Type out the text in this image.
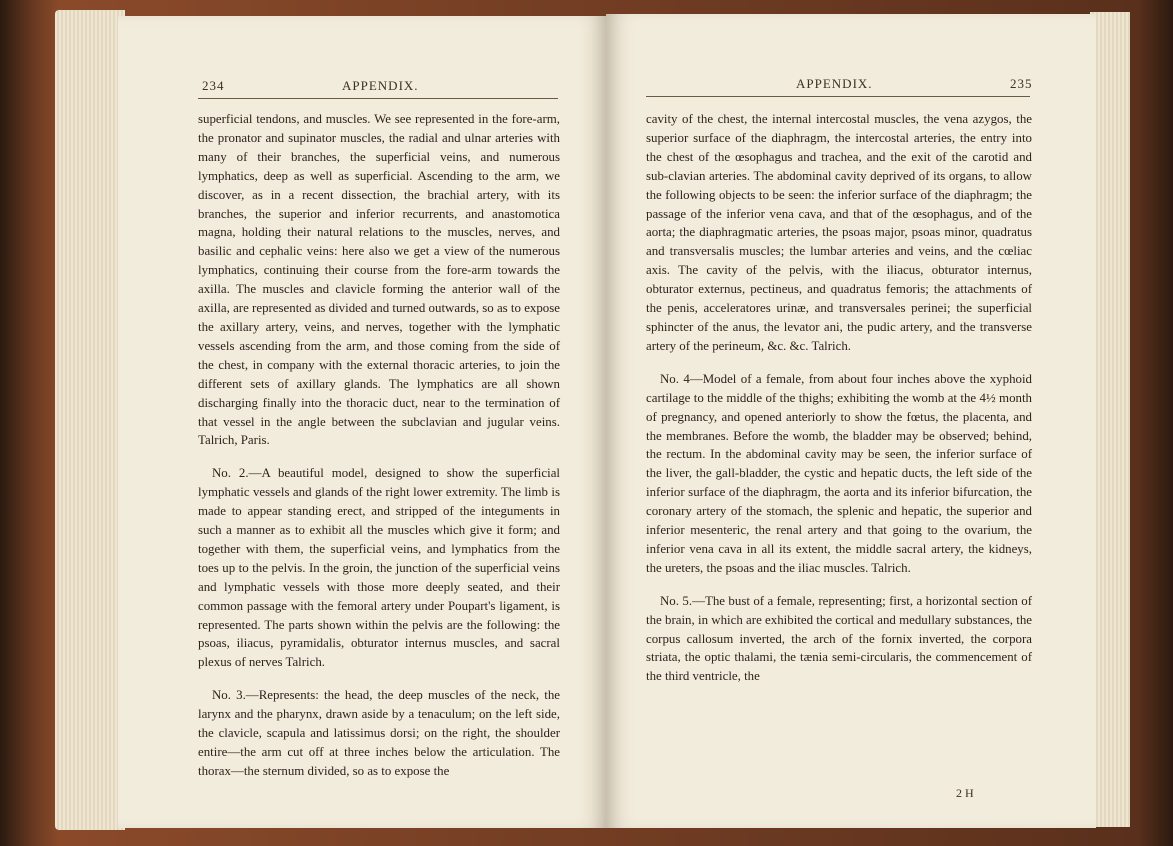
234	APPENDIX.

superficial tendons, and muscles. We see represented in the fore-arm, the pronator and supinator muscles, the radial and ulnar arteries with many of their branches, the superficial veins, and numerous lymphatics, deep as well as superficial. Ascending to the arm, we discover, as in a recent dissection, the brachial artery, with its branches, the superior and inferior recurrents, and anastomotica magna, holding their natural relations to the muscles, nerves, and basilic and cephalic veins: here also we get a view of the numerous lymphatics, continuing their course from the fore-arm towards the axilla. The muscles and clavicle forming the anterior wall of the axilla, are represented as divided and turned outwards, so as to expose the axillary artery, veins, and nerves, together with the lymphatic vessels ascending from the arm, and those coming from the side of the chest, in company with the external thoracic arteries, to join the different sets of axillary glands. The lymphatics are all shown discharging finally into the thoracic duct, near to the termination of that vessel in the angle between the subclavian and jugular veins. Talrich, Paris.

No. 2.—A beautiful model, designed to show the superficial lymphatic vessels and glands of the right lower extremity. The limb is made to appear standing erect, and stripped of the integuments in such a manner as to exhibit all the muscles which give it form; and together with them, the superficial veins, and lymphatics from the toes up to the pelvis. In the groin, the junction of the superficial veins and lymphatic vessels with those more deeply seated, and their common passage with the femoral artery under Poupart's ligament, is represented. The parts shown within the pelvis are the following: the psoas, iliacus, pyramidalis, obturator internus muscles, and sacral plexus of nerves Talrich.

No. 3.—Represents: the head, the deep muscles of the neck, the larynx and the pharynx, drawn aside by a tenaculum; on the left side, the clavicle, scapula and latissimus dorsi; on the right, the shoulder entire—the arm cut off at three inches below the articulation. The thorax—the sternum divided, so as to expose the

APPENDIX.	235

cavity of the chest, the internal intercostal muscles, the vena azygos, the superior surface of the diaphragm, the intercostal arteries, the entry into the chest of the œsophagus and trachea, and the exit of the carotid and sub-clavian arteries. The abdominal cavity deprived of its organs, to allow the following objects to be seen: the inferior surface of the diaphragm; the passage of the inferior vena cava, and that of the œsophagus, and of the aorta; the diaphragmatic arteries, the psoas major, psoas minor, quadratus and transversalis muscles; the lumbar arteries and veins, and the cœliac axis. The cavity of the pelvis, with the iliacus, obturator internus, obturator externus, pectineus, and quadratus femoris; the attachments of the penis, acceleratores urinæ, and transversales perinei; the superficial sphincter of the anus, the levator ani, the pudic artery, and the transverse artery of the perineum, &c. &c. Talrich.

No. 4—Model of a female, from about four inches above the xyphoid cartilage to the middle of the thighs; exhibiting the womb at the 4½ month of pregnancy, and opened anteriorly to show the fœtus, the placenta, and the membranes. Before the womb, the bladder may be observed; behind, the rectum. In the abdominal cavity may be seen, the inferior surface of the liver, the gall-bladder, the cystic and hepatic ducts, the left side of the inferior surface of the diaphragm, the aorta and its inferior bifurcation, the coronary artery of the stomach, the splenic and hepatic, the superior and inferior mesenteric, the renal artery and that going to the ovarium, the inferior vena cava in all its extent, the middle sacral artery, the kidneys, the ureters, the psoas and the iliac muscles. Talrich.

No. 5.—The bust of a female, representing; first, a horizontal section of the brain, in which are exhibited the cortical and medullary substances, the corpus callosum inverted, the arch of the fornix inverted, the corpora striata, the optic thalami, the tænia semi-circularis, the commencement of the third ventricle, the

2 H
